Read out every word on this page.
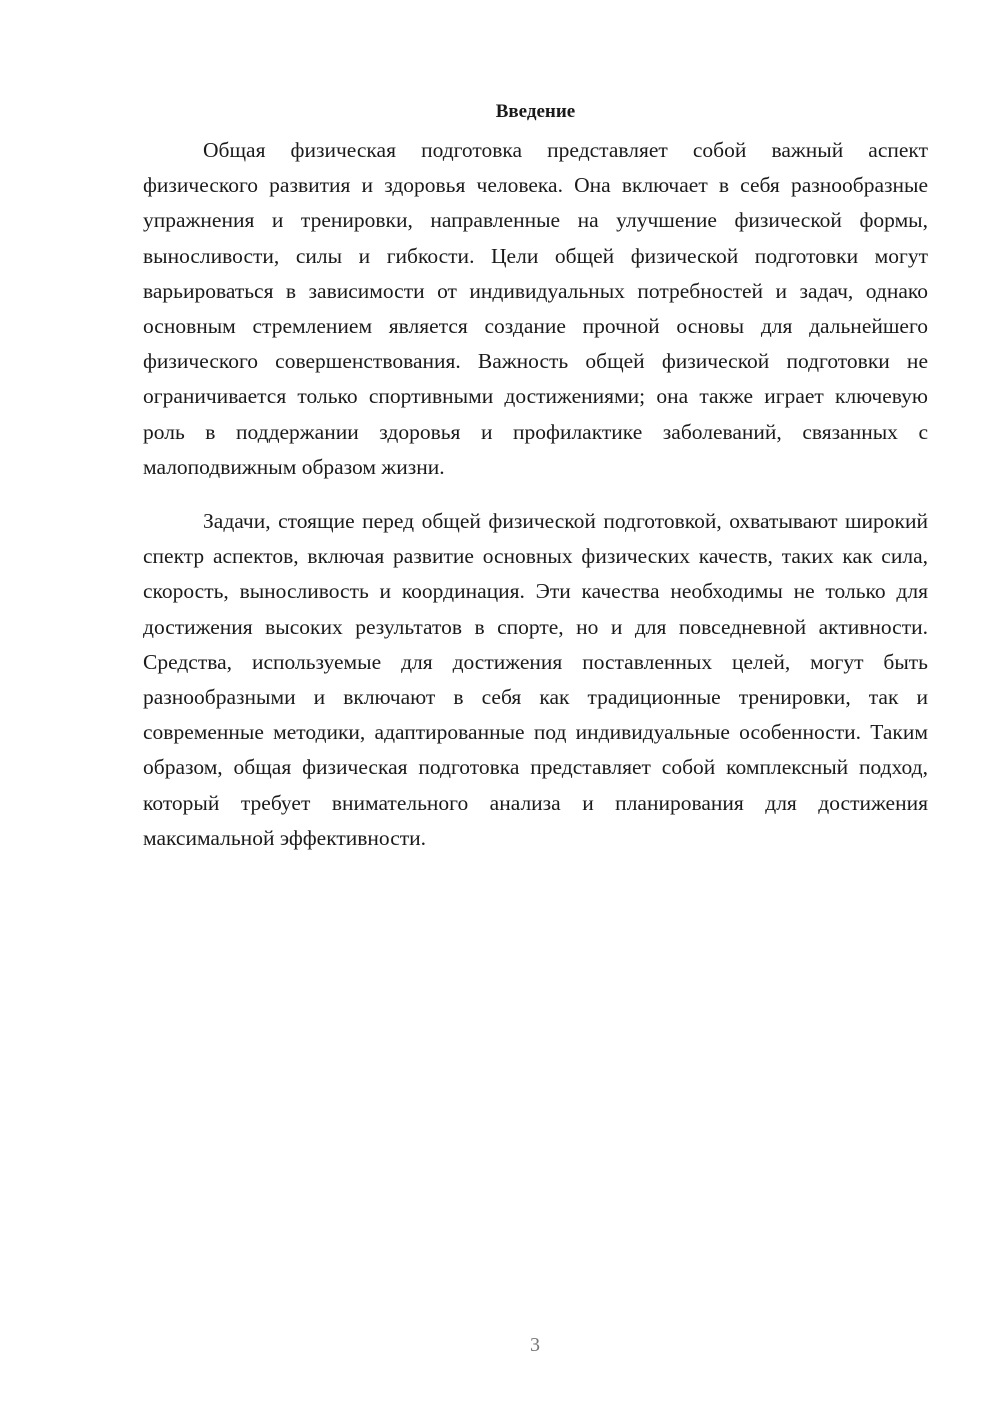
Введение

Общая физическая подготовка представляет собой важный аспект физического развития и здоровья человека. Она включает в себя разнообразные упражнения и тренировки, направленные на улучшение физической формы, выносливости, силы и гибкости. Цели общей физической подготовки могут варьироваться в зависимости от индивидуальных потребностей и задач, однако основным стремлением является создание прочной основы для дальнейшего физического совершенствования. Важность общей физической подготовки не ограничивается только спортивными достижениями; она также играет ключевую роль в поддержании здоровья и профилактике заболеваний, связанных с малоподвижным образом жизни.

Задачи, стоящие перед общей физической подготовкой, охватывают широкий спектр аспектов, включая развитие основных физических качеств, таких как сила, скорость, выносливость и координация. Эти качества необходимы не только для достижения высоких результатов в спорте, но и для повседневной активности. Средства, используемые для достижения поставленных целей, могут быть разнообразными и включают в себя как традиционные тренировки, так и современные методики, адаптированные под индивидуальные особенности. Таким образом, общая физическая подготовка представляет собой комплексный подход, который требует внимательного анализа и планирования для достижения максимальной эффективности.

3
